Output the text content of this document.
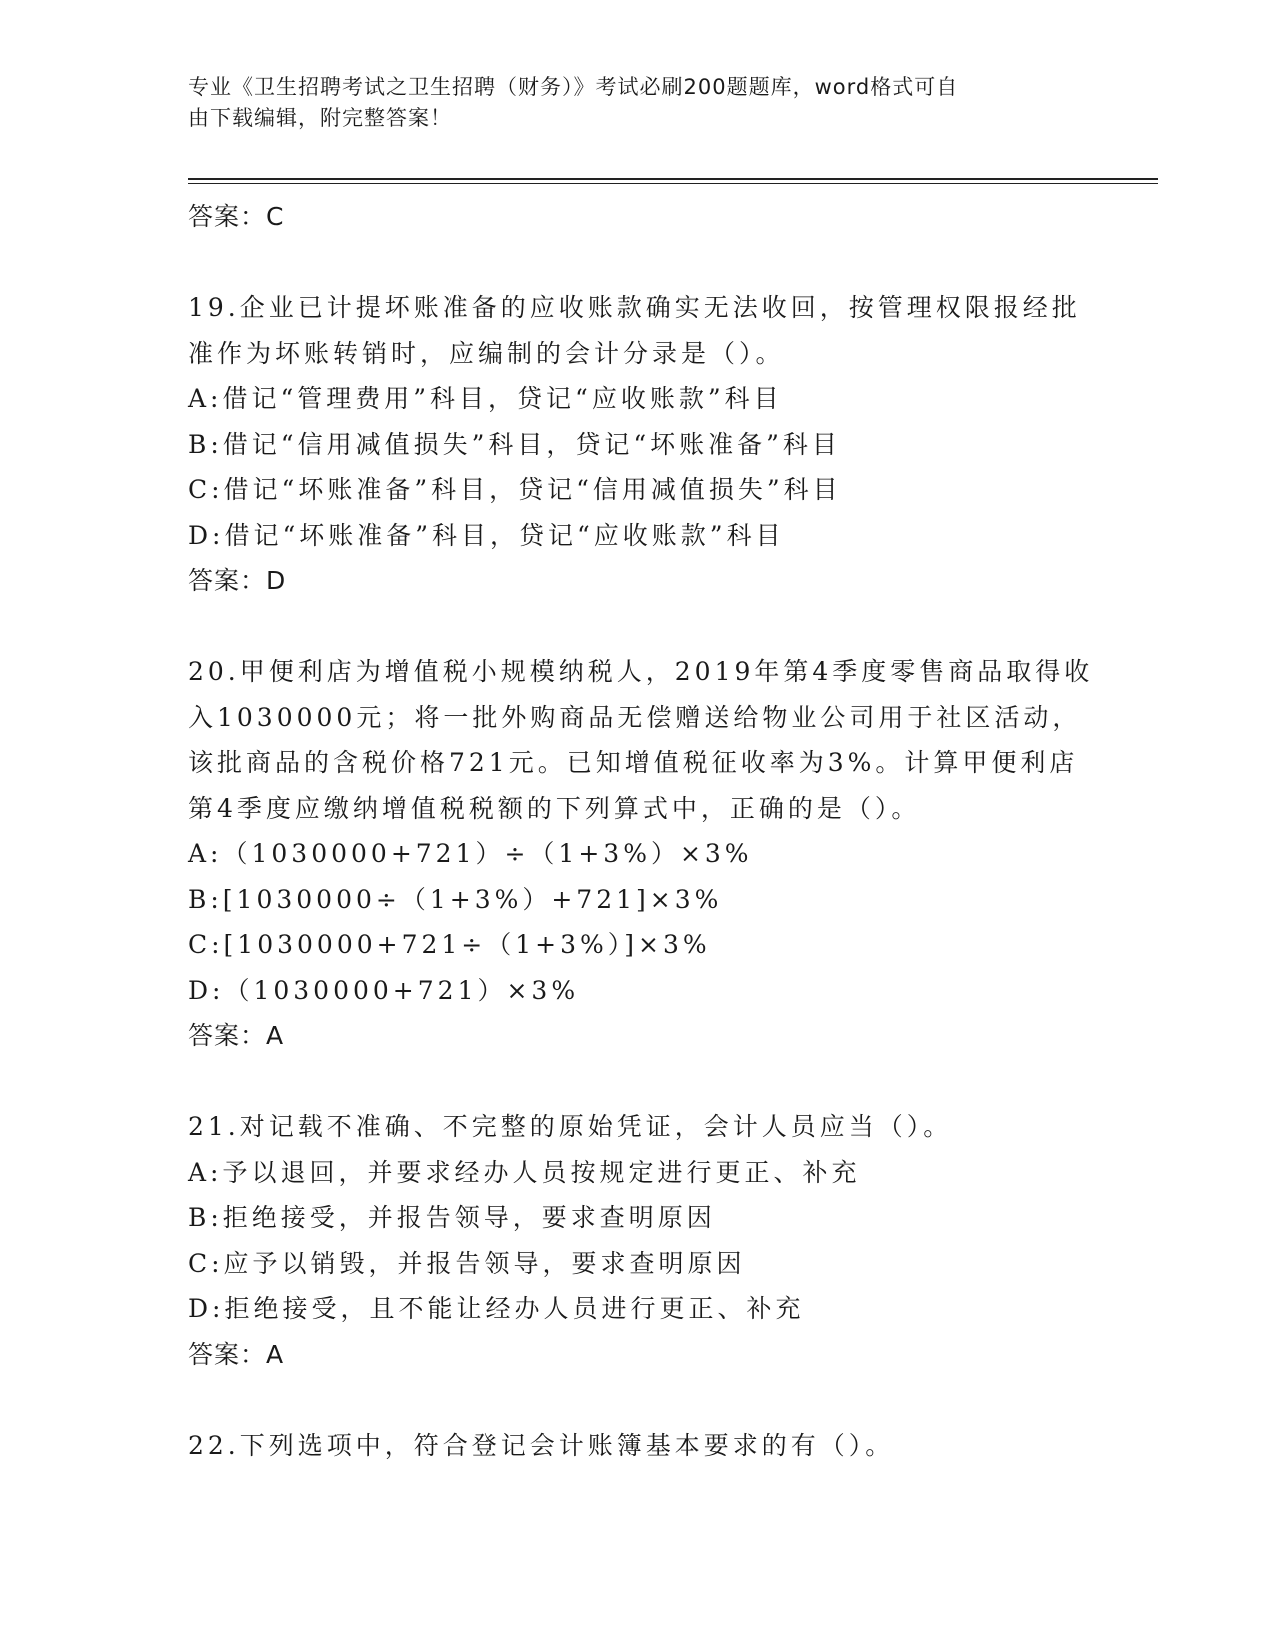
专业《卫生招聘考试之卫生招聘（财务）》考试必刷200题题库，word格式可自
由下载编辑，附完整答案！
答案：C
19.企业已计提坏账准备的应收账款确实无法收回，按管理权限报经批
准作为坏账转销时，应编制的会计分录是（）。
A:借记“管理费用”科目，贷记“应收账款”科目
B:借记“信用减值损失”科目，贷记“坏账准备”科目
C:借记“坏账准备”科目，贷记“信用减值损失”科目
D:借记“坏账准备”科目，贷记“应收账款”科目
答案：D
20.甲便利店为增值税小规模纳税人，2019年第4季度零售商品取得收
入1030000元；将一批外购商品无偿赠送给物业公司用于社区活动，
该批商品的含税价格721元。已知增值税征收率为3%。计算甲便利店
第4季度应缴纳增值税税额的下列算式中，正确的是（）。
A:（1030000+721）÷（1+3%）×3%
B:[1030000÷（1+3%）+721]×3%
C:[1030000+721÷（1+3%）]×3%
D:（1030000+721）×3%
答案：A
21.对记载不准确、不完整的原始凭证，会计人员应当（）。
A:予以退回，并要求经办人员按规定进行更正、补充
B:拒绝接受，并报告领导，要求查明原因
C:应予以销毁，并报告领导，要求查明原因
D:拒绝接受，且不能让经办人员进行更正、补充
答案：A
22.下列选项中，符合登记会计账簿基本要求的有（）。
